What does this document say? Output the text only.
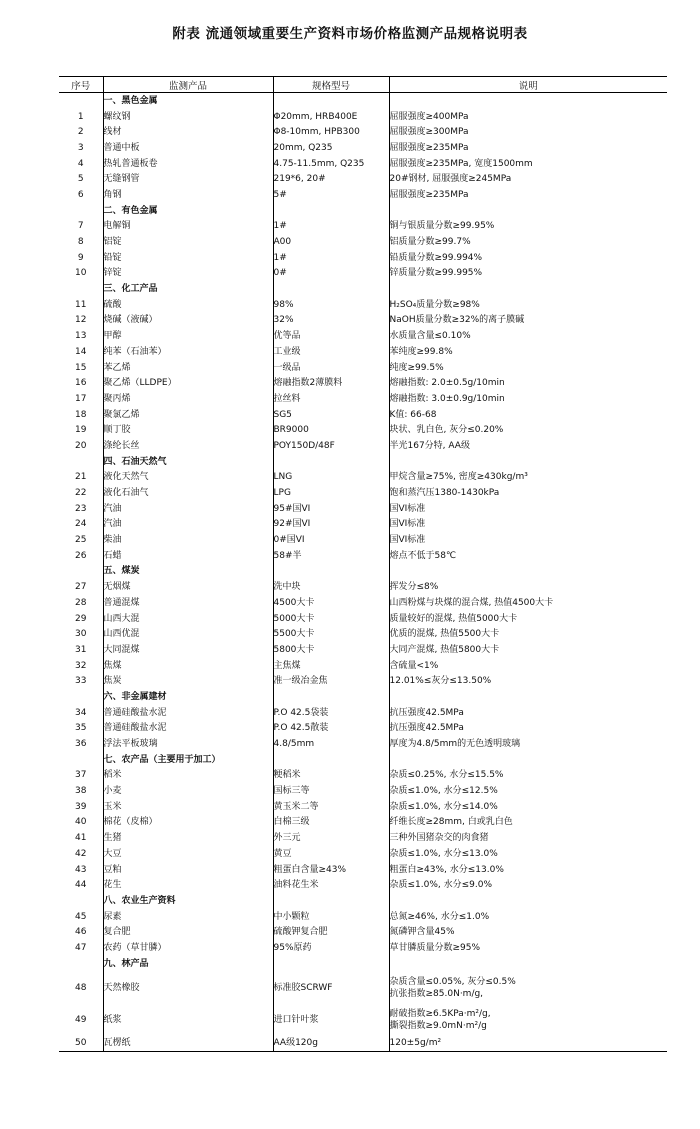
附表 流通领域重要生产资料市场价格监测产品规格说明表
序号	监测产品	规格型号	说明
	一、黑色金属		
1	螺纹钢	Φ20mm, HRB400E	屈服强度≥400MPa
2	线材	Φ8-10mm, HPB300	屈服强度≥300MPa
3	普通中板	20mm, Q235	屈服强度≥235MPa
4	热轧普通板卷	4.75-11.5mm, Q235	屈服强度≥235MPa, 宽度1500mm
5	无缝钢管	219*6, 20#	20#钢材, 屈服强度≥245MPa
6	角钢	5#	屈服强度≥235MPa
	二、有色金属		
7	电解铜	1#	铜与银质量分数≥99.95%
8	铝锭	A00	铝质量分数≥99.7%
9	铅锭	1#	铅质量分数≥99.994%
10	锌锭	0#	锌质量分数≥99.995%
	三、化工产品		
11	硫酸	98%	H₂SO₄质量分数≥98%
12	烧碱（液碱）	32%	NaOH质量分数≥32%的离子膜碱
13	甲醇	优等品	水质量含量≤0.10%
14	纯苯（石油苯）	工业级	苯纯度≥99.8%
15	苯乙烯	一级品	纯度≥99.5%
16	聚乙烯（LLDPE）	熔融指数2薄膜料	熔融指数: 2.0±0.5g/10min
17	聚丙烯	拉丝料	熔融指数: 3.0±0.9g/10min
18	聚氯乙烯	SG5	K值: 66-68
19	顺丁胶	BR9000	块状、乳白色, 灰分≤0.20%
20	涤纶长丝	POY150D/48F	半光167分特, AA级
	四、石油天然气		
21	液化天然气	LNG	甲烷含量≥75%, 密度≥430kg/m³
22	液化石油气	LPG	饱和蒸汽压1380-1430kPa
23	汽油	95#国VI	国VI标准
24	汽油	92#国VI	国VI标准
25	柴油	0#国VI	国VI标准
26	石蜡	58#半	熔点不低于58℃
	五、煤炭		
27	无烟煤	洗中块	挥发分≤8%
28	普通混煤	4500大卡	山西粉煤与块煤的混合煤, 热值4500大卡
29	山西大混	5000大卡	质量较好的混煤, 热值5000大卡
30	山西优混	5500大卡	优质的混煤, 热值5500大卡
31	大同混煤	5800大卡	大同产混煤, 热值5800大卡
32	焦煤	主焦煤	含硫量<1%
33	焦炭	准一级冶金焦	12.01%≤灰分≤13.50%
	六、非金属建材		
34	普通硅酸盐水泥	P.O 42.5袋装	抗压强度42.5MPa
35	普通硅酸盐水泥	P.O 42.5散装	抗压强度42.5MPa
36	浮法平板玻璃	4.8/5mm	厚度为4.8/5mm的无色透明玻璃
	七、农产品（主要用于加工）		
37	稻米	粳稻米	杂质≤0.25%, 水分≤15.5%
38	小麦	国标三等	杂质≤1.0%, 水分≤12.5%
39	玉米	黄玉米二等	杂质≤1.0%, 水分≤14.0%
40	棉花（皮棉）	白棉三级	纤维长度≥28mm, 白或乳白色
41	生猪	外三元	三种外国猪杂交的肉食猪
42	大豆	黄豆	杂质≤1.0%, 水分≤13.0%
43	豆粕	粗蛋白含量≥43%	粗蛋白≥43%, 水分≤13.0%
44	花生	油料花生米	杂质≤1.0%, 水分≤9.0%
	八、农业生产资料		
45	尿素	中小颗粒	总氮≥46%, 水分≤1.0%
46	复合肥	硫酸钾复合肥	氮磷钾含量45%
47	农药（草甘膦）	95%原药	草甘膦质量分数≥95%
	九、林产品		
48	天然橡胶	标准胶SCRWF	杂质含量≤0.05%, 灰分≤0.5%
抗张指数≥85.0N·m/g,

49	纸浆	进口针叶浆	耐破指数≥6.5KPa·m²/g,
撕裂指数≥9.0mN·m²/g

50	瓦楞纸	AA级120g	120±5g/m²
